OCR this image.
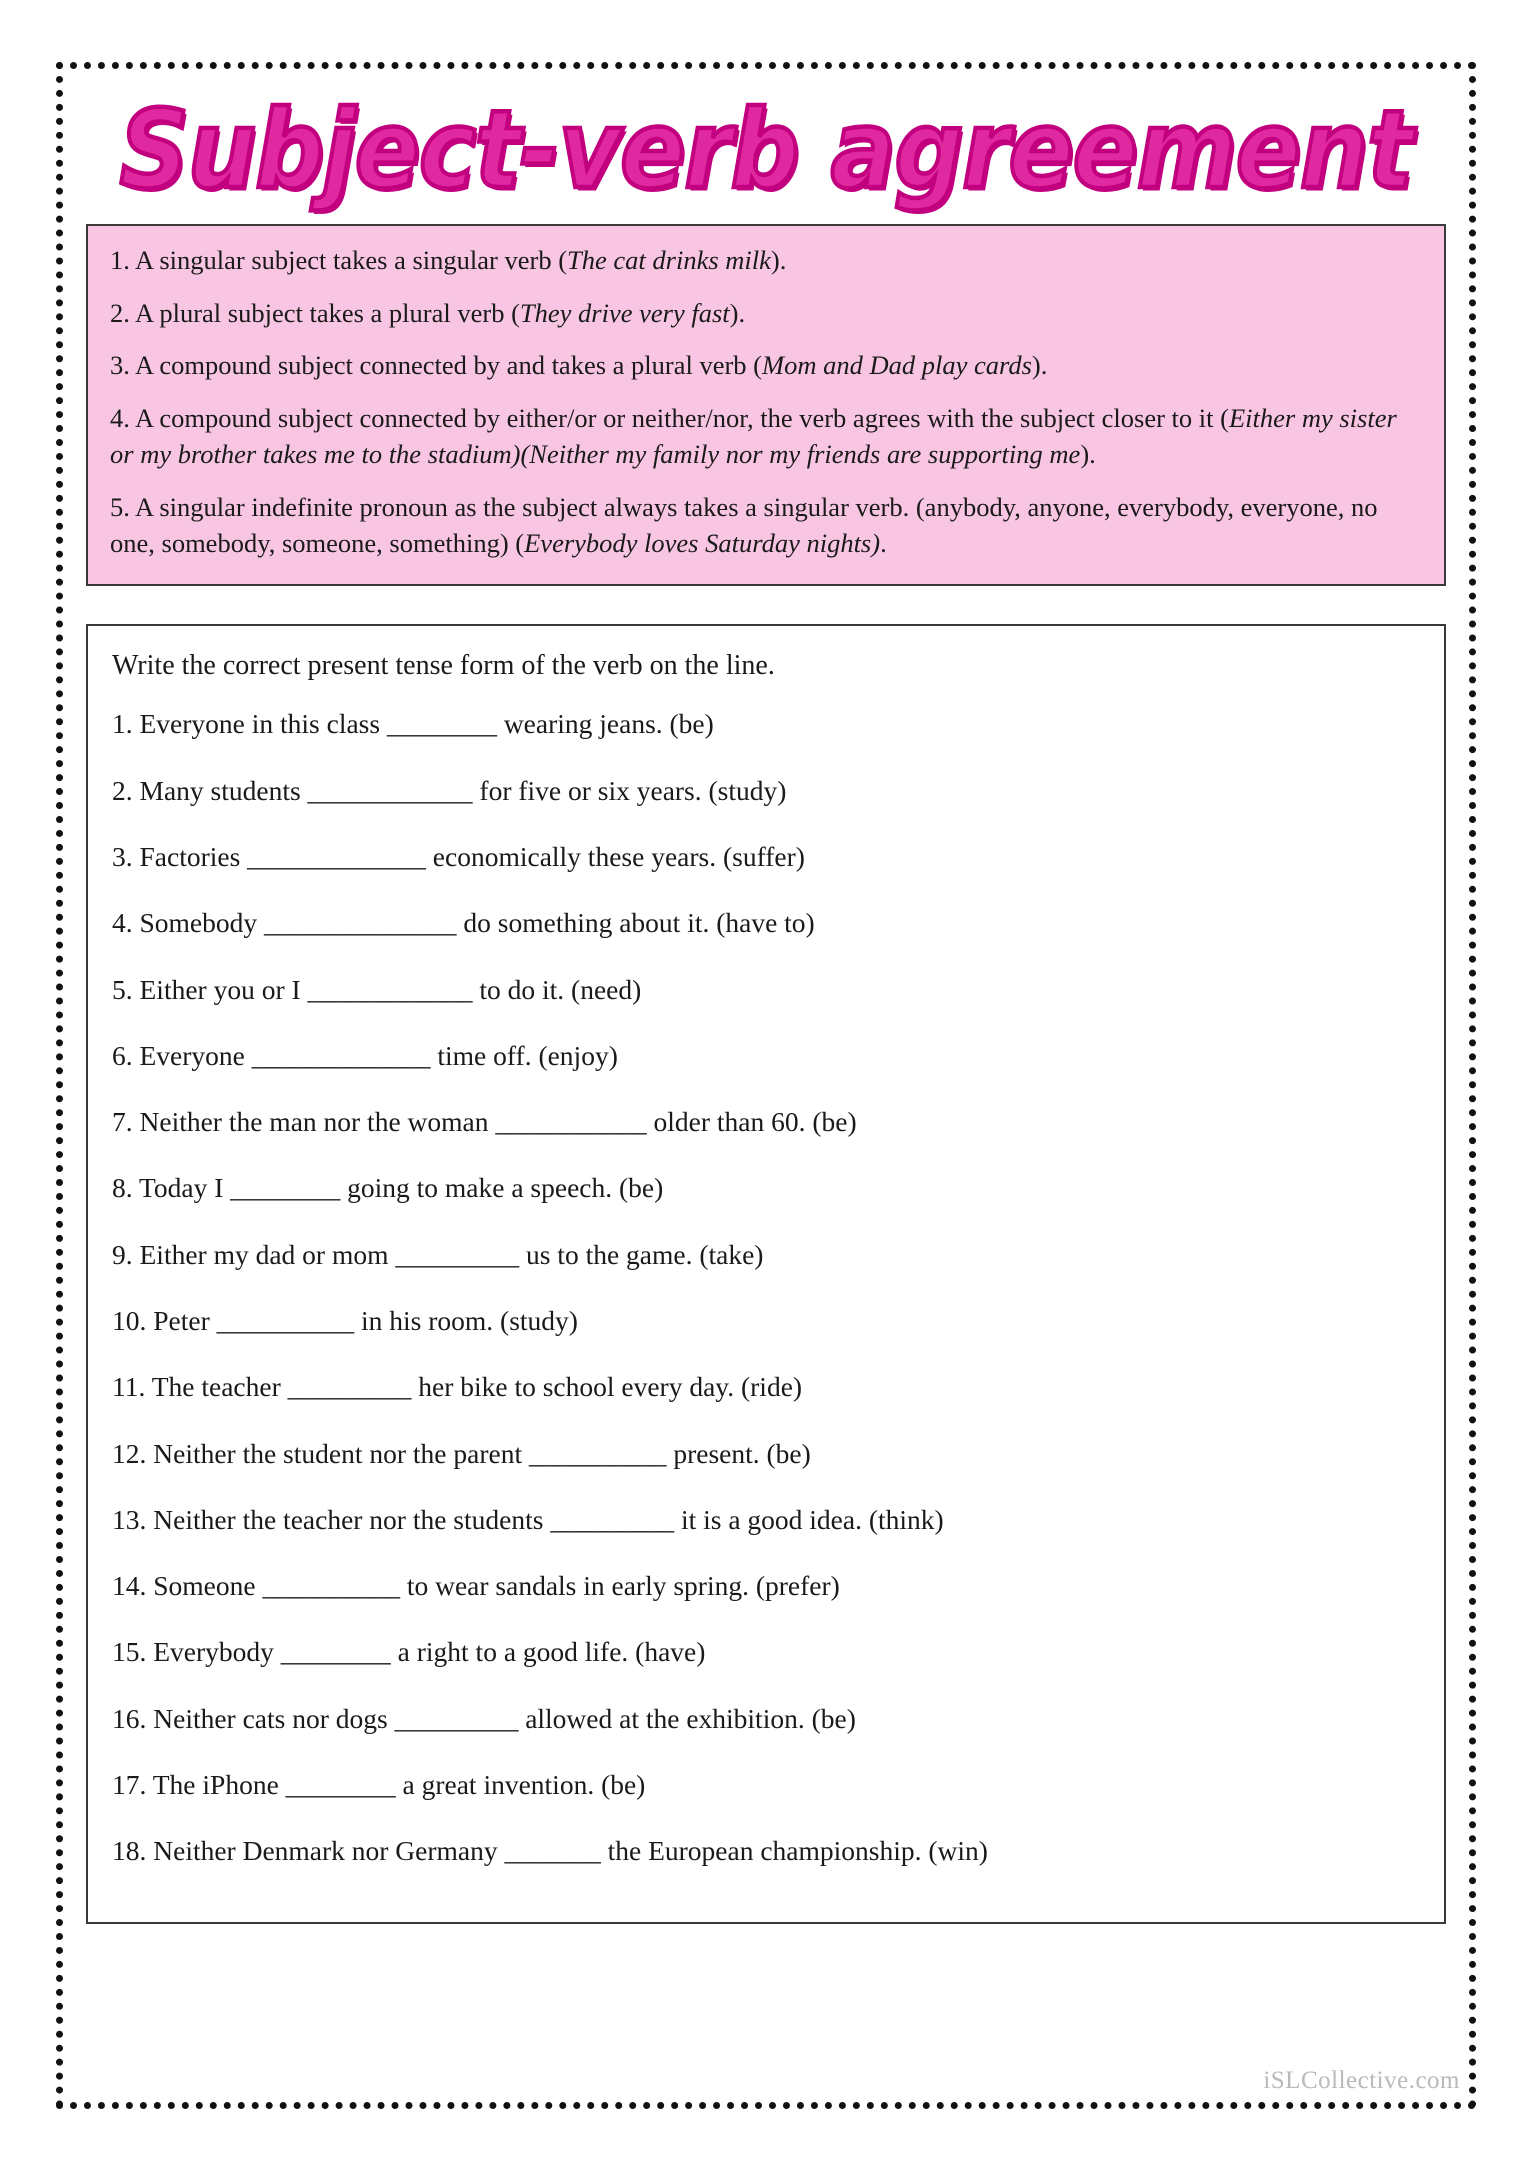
Subject-verb agreement

1. A singular subject takes a singular verb (The cat drinks milk).

2. A plural subject takes a plural verb (They drive very fast).

3. A compound subject connected by and takes a plural verb (Mom and Dad play cards).

4. A compound subject connected by either/or or neither/nor, the verb agrees with the subject closer to it (Either my sister or my brother takes me to the stadium)(Neither my family nor my friends are supporting me).

5. A singular indefinite pronoun as the subject always takes a singular verb. (anybody, anyone, everybody, everyone, no one, somebody, someone, something) (Everybody loves Saturday nights).

Write the correct present tense form of the verb on the line.

1. Everyone in this class ________ wearing jeans. (be)

2. Many students ____________ for five or six years. (study)

3. Factories _____________ economically these years. (suffer)

4. Somebody ______________ do something about it. (have to)

5. Either you or I ____________ to do it. (need)

6. Everyone _____________ time off. (enjoy)

7. Neither the man nor the woman ___________ older than 60. (be)

8. Today I ________ going to make a speech. (be)

9. Either my dad or mom _________ us to the game. (take)

10. Peter __________ in his room. (study)

11. The teacher _________ her bike to school every day. (ride)

12. Neither the student nor the parent __________ present. (be)

13. Neither the teacher nor the students _________ it is a good idea. (think)

14. Someone __________ to wear sandals in early spring. (prefer)

15. Everybody ________ a right to a good life. (have)

16. Neither cats nor dogs _________ allowed at the exhibition. (be)

17. The iPhone ________ a great invention. (be)

18. Neither Denmark nor Germany _______ the European championship. (win)

iSLCollective.com
